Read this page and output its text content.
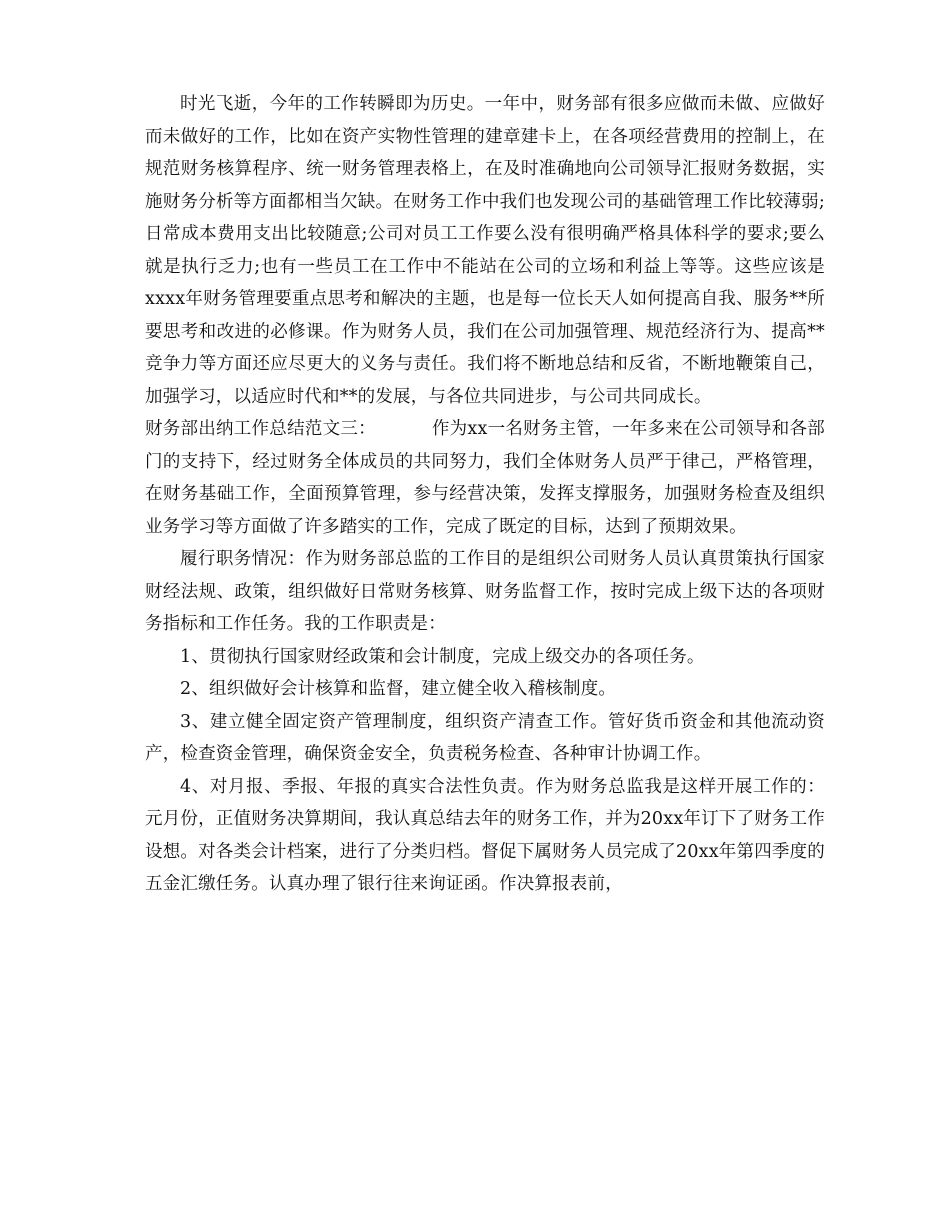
时光飞逝，今年的工作转瞬即为历史。一年中，财务部有很多应做而未做、应做好而未做好的工作，比如在资产实物性管理的建章建卡上，在各项经营费用的控制上，在规范财务核算程序、统一财务管理表格上，在及时准确地向公司领导汇报财务数据，实施财务分析等方面都相当欠缺。在财务工作中我们也发现公司的基础管理工作比较薄弱;日常成本费用支出比较随意;公司对员工工作要么没有很明确严格具体科学的要求;要么就是执行乏力;也有一些员工在工作中不能站在公司的立场和利益上等等。这些应该是xxxx年财务管理要重点思考和解决的主题，也是每一位长天人如何提高自我、服务**所要思考和改进的必修课。作为财务人员，我们在公司加强管理、规范经济行为、提高**竞争力等方面还应尽更大的义务与责任。我们将不断地总结和反省，不断地鞭策自己，加强学习，以适应时代和**的发展，与各位共同进步，与公司共同成长。

财务部出纳工作总结范文三：	作为xx一名财务主管，一年多来在公司领导和各部门的支持下，经过财务全体成员的共同努力，我们全体财务人员严于律己，严格管理，在财务基础工作，全面预算管理，参与经营决策，发挥支撑服务，加强财务检查及组织业务学习等方面做了许多踏实的工作，完成了既定的目标，达到了预期效果。

履行职务情况：作为财务部总监的工作目的是组织公司财务人员认真贯策执行国家财经法规、政策，组织做好日常财务核算、财务监督工作，按时完成上级下达的各项财务指标和工作任务。我的工作职责是：

1、贯彻执行国家财经政策和会计制度，完成上级交办的各项任务。

2、组织做好会计核算和监督，建立健全收入稽核制度。

3、建立健全固定资产管理制度，组织资产清查工作。管好货币资金和其他流动资产，检查资金管理，确保资金安全，负责税务检查、各种审计协调工作。

4、对月报、季报、年报的真实合法性负责。作为财务总监我是这样开展工作的：元月份，正值财务决算期间，我认真总结去年的财务工作，并为20xx年订下了财务工作设想。对各类会计档案，进行了分类归档。督促下属财务人员完成了20xx年第四季度的五金汇缴任务。认真办理了银行往来询证函。作决算报表前，
